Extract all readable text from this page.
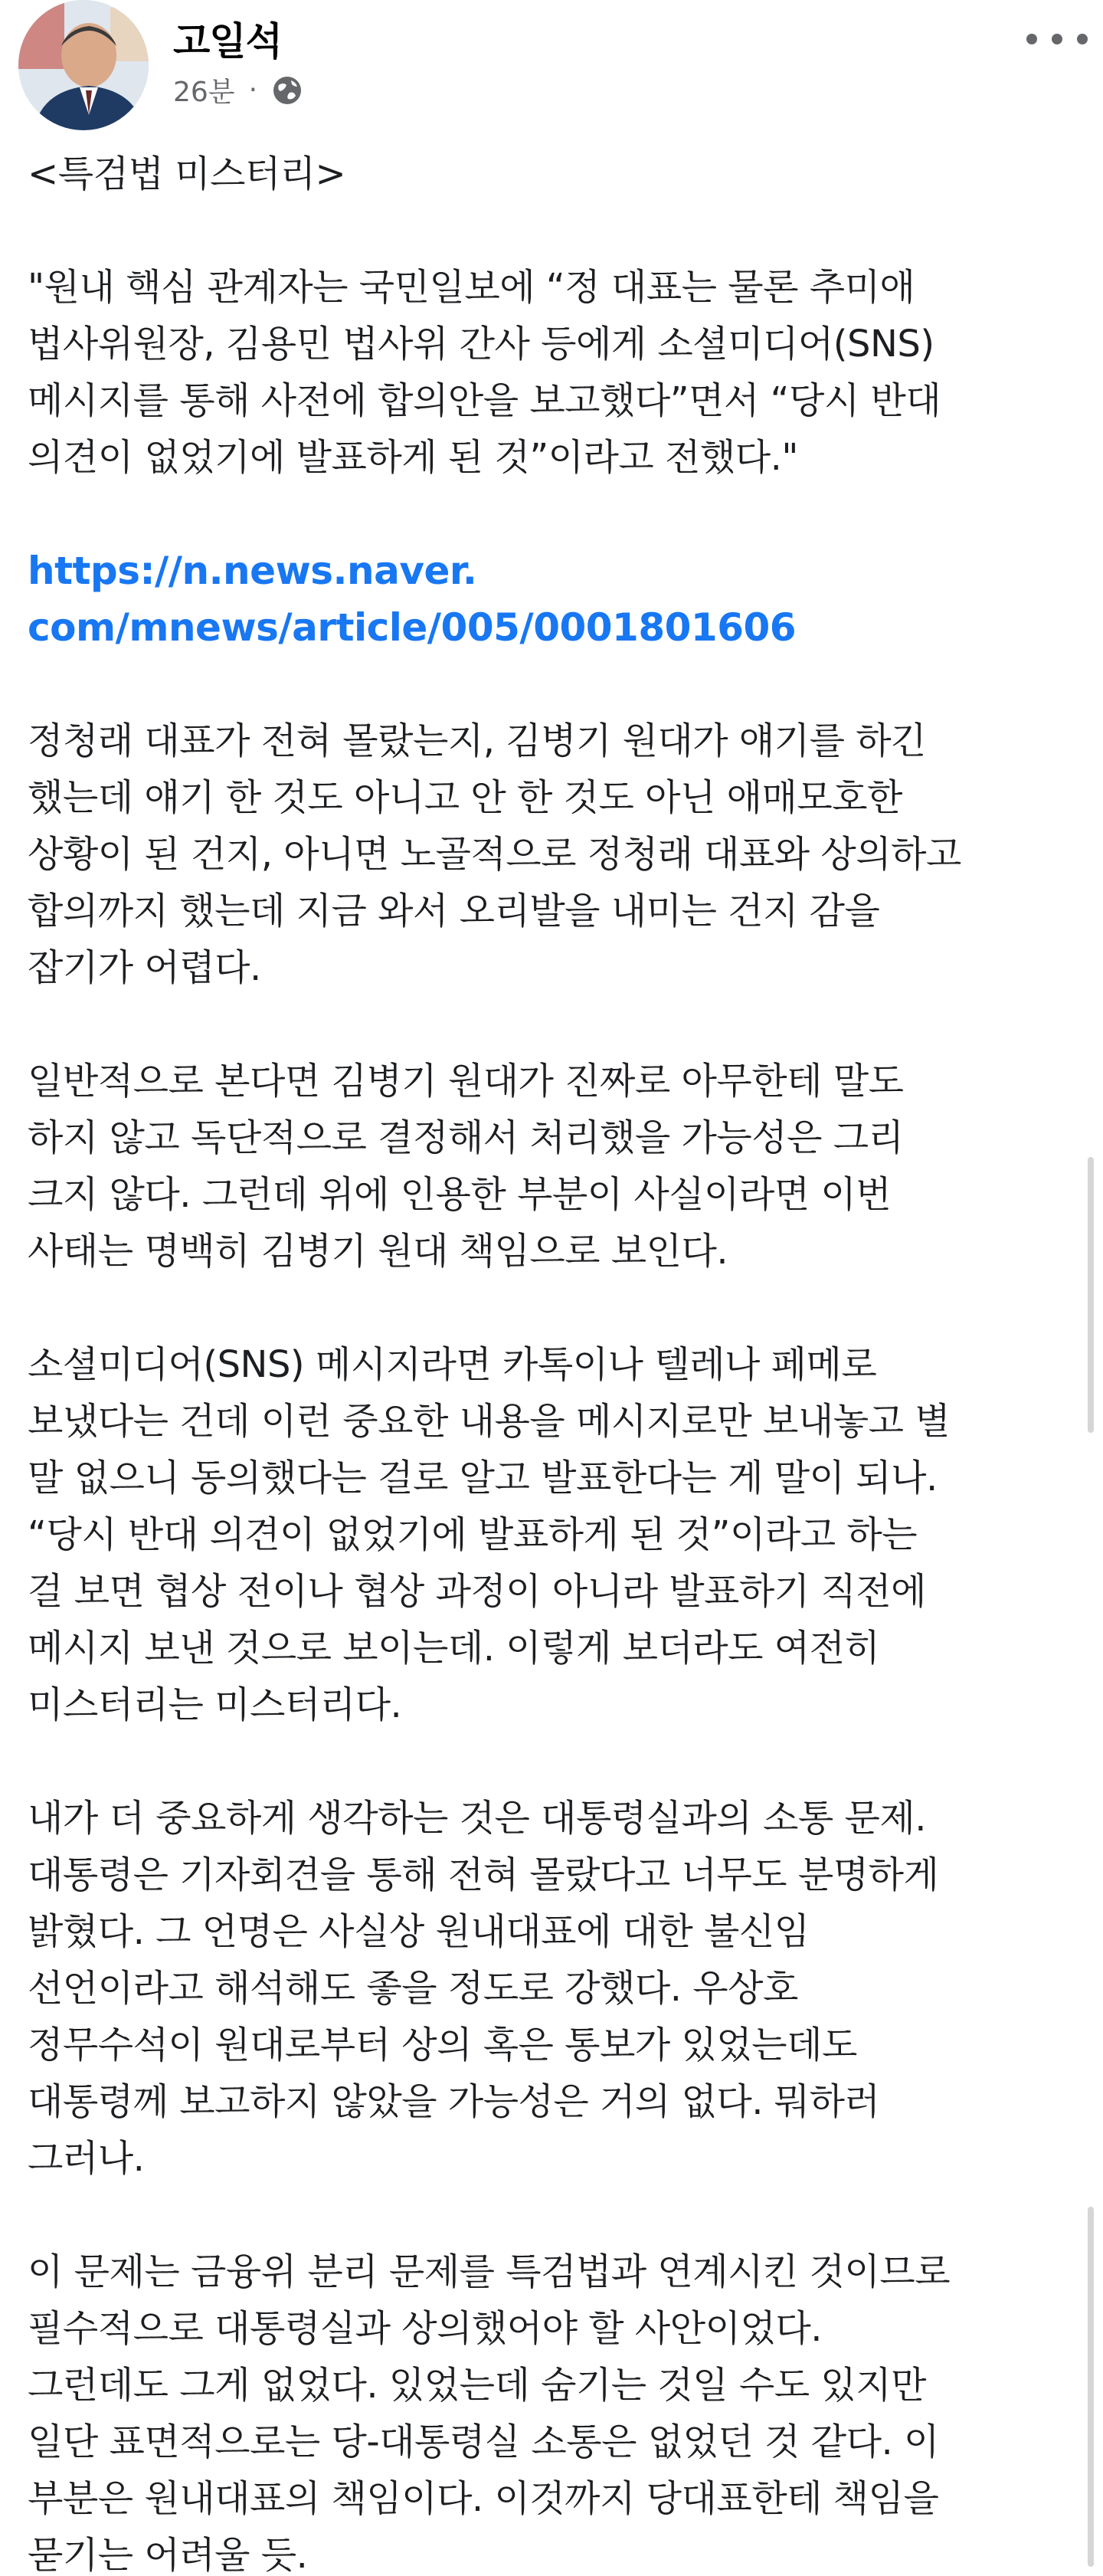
고일석
26분 ·

<특검법 미스터리>

"원내 핵심 관계자는 국민일보에 “정 대표는 물론 추미애
법사위원장, 김용민 법사위 간사 등에게 소셜미디어(SNS)
메시지를 통해 사전에 합의안을 보고했다”면서 “당시 반대
의견이 없었기에 발표하게 된 것”이라고 전했다."

https://n.news.naver.
com/mnews/article/005/0001801606

정청래 대표가 전혀 몰랐는지, 김병기 원대가 얘기를 하긴
했는데 얘기 한 것도 아니고 안 한 것도 아닌 애매모호한
상황이 된 건지, 아니면 노골적으로 정청래 대표와 상의하고
합의까지 했는데 지금 와서 오리발을 내미는 건지 감을
잡기가 어렵다.

일반적으로 본다면 김병기 원대가 진짜로 아무한테 말도
하지 않고 독단적으로 결정해서 처리했을 가능성은 그리
크지 않다. 그런데 위에 인용한 부분이 사실이라면 이번
사태는 명백히 김병기 원대 책임으로 보인다.

소셜미디어(SNS) 메시지라면 카톡이나 텔레나 페메로
보냈다는 건데 이런 중요한 내용을 메시지로만 보내놓고 별
말 없으니 동의했다는 걸로 알고 발표한다는 게 말이 되나.
“당시 반대 의견이 없었기에 발표하게 된 것”이라고 하는
걸 보면 협상 전이나 협상 과정이 아니라 발표하기 직전에
메시지 보낸 것으로 보이는데. 이렇게 보더라도 여전히
미스터리는 미스터리다.

내가 더 중요하게 생각하는 것은 대통령실과의 소통 문제.
대통령은 기자회견을 통해 전혀 몰랐다고 너무도 분명하게
밝혔다. 그 언명은 사실상 원내대표에 대한 불신임
선언이라고 해석해도 좋을 정도로 강했다. 우상호
정무수석이 원대로부터 상의 혹은 통보가 있었는데도
대통령께 보고하지 않았을 가능성은 거의 없다. 뭐하러
그러나.

이 문제는 금융위 분리 문제를 특검법과 연계시킨 것이므로
필수적으로 대통령실과 상의했어야 할 사안이었다.
그런데도 그게 없었다. 있었는데 숨기는 것일 수도 있지만
일단 표면적으로는 당-대통령실 소통은 없었던 것 같다. 이
부분은 원내대표의 책임이다. 이것까지 당대표한테 책임을
묻기는 어려울 듯.
